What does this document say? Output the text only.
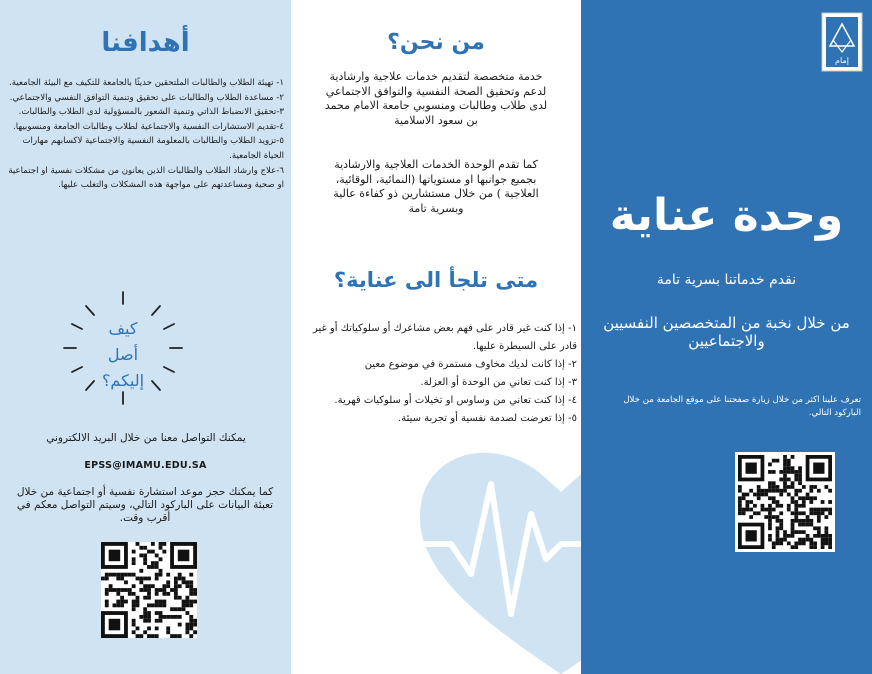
أهدافنا
١- تهيئة الطلاب والطالبات الملتحقين حديثًا بالجامعة للتكيف مع البيئة الجامعية.
٢- مساعدة الطلاب والطالبات على تحقيق وتنمية التوافق النفسي والاجتماعي.
٣-تحقيق الانضباط الذاتي وتنمية الشعور بالمسؤولية لدى الطلاب والطالبات.
٤-تقديم الاستشارات النفسية والاجتماعية لطلاب وطالبات الجامعة ومنسوبيها.
٥-تزويد الطلاب والطالبات بالمعلومة النفسية والاجتماعية لاكسابهم مهارات الحياة الجامعية.
٦-علاج وارشاد الطلاب والطالبات الذين يعانون من مشكلات نفسية او اجتماعية او صحية ومساعدتهم على مواجهة هذه المشكلات والتغلب عليها.
كيف
أصل
إليكم؟

يمكنك التواصل معنا من خلال البريد الالكتروني

EPSS@IMAMU.EDU.SA

كما يمكنك حجز موعد استشارة نفسية أو اجتماعية من خلال تعبئة البيانات على الباركود التالي، وسيتم التواصل معكم في أقرب وقت.

من نحن؟

خدمة متخصصة لتقديم خدمات علاجية وارشادية لدعم وتحقيق الصحة النفسية والتوافق الاجتماعي لدى طلاب وطالبات ومنسوبي جامعة الامام محمد بن سعود الاسلامية

كما تقدم الوحدة الخدمات العلاجية والارشادية بجميع جوانبها او مستوياتها (النمائية، الوقائية، العلاجية ) من خلال مستشارين ذو كفاءة عالية وبسرية تامة

متى تلجأ الى عناية؟
١- إذا كنت غير قادر على فهم بعض مشاعرك أو سلوكياتك أو غير قادر على السيطرة عليها.
٢- إذا كانت لديك مخاوف مستمرة في موضوع معين
٣- إذا كنت تعاني من الوحدة أو العزلة.
٤- إذا كنت تعاني من وساوس او تخيلات أو سلوكيات قهرية.
٥- إذا تعرضت لصدمة نفسية أو تجربة سيئة.
إمام
وحدة عناية

نقدم خدماتنا بسرية تامة

من خلال نخبة من المتخصصين النفسيين والاجتماعيين

تعرف علينا اكثر من خلال زيارة صفحتنا على موقع الجامعة من خلال الباركود التالي.
